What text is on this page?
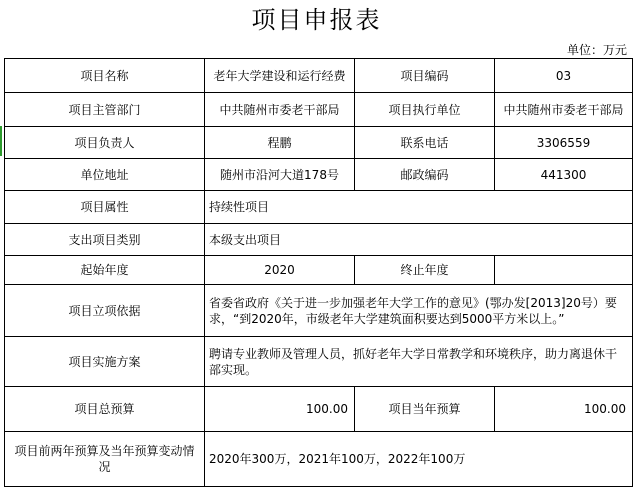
项目申报表
单位：万元
项目名称	老年大学建设和运行经费	项目编码	03
项目主管部门	中共随州市委老干部局	项目执行单位	中共随州市委老干部局
项目负责人	程鹏	联系电话	3306559
单位地址	随州市沿河大道178号	邮政编码	441300
项目属性	持续性项目		
支出项目类别	本级支出项目		
起始年度	2020	终止年度	
项目立项依据	省委省政府《关于进一步加强老年大学工作的意见》(鄂办发[2013]20号）要求，“到2020年，市级老年大学建筑面积要达到5000平方米以上。”		
项目实施方案	聘请专业教师及管理人员，抓好老年大学日常教学和环境秩序，助力离退休干部实现。		
项目总预算	100.00	项目当年预算	100.00
项目前两年预算及当年预算变动情况	2020年300万，2021年100万，2022年100万		
